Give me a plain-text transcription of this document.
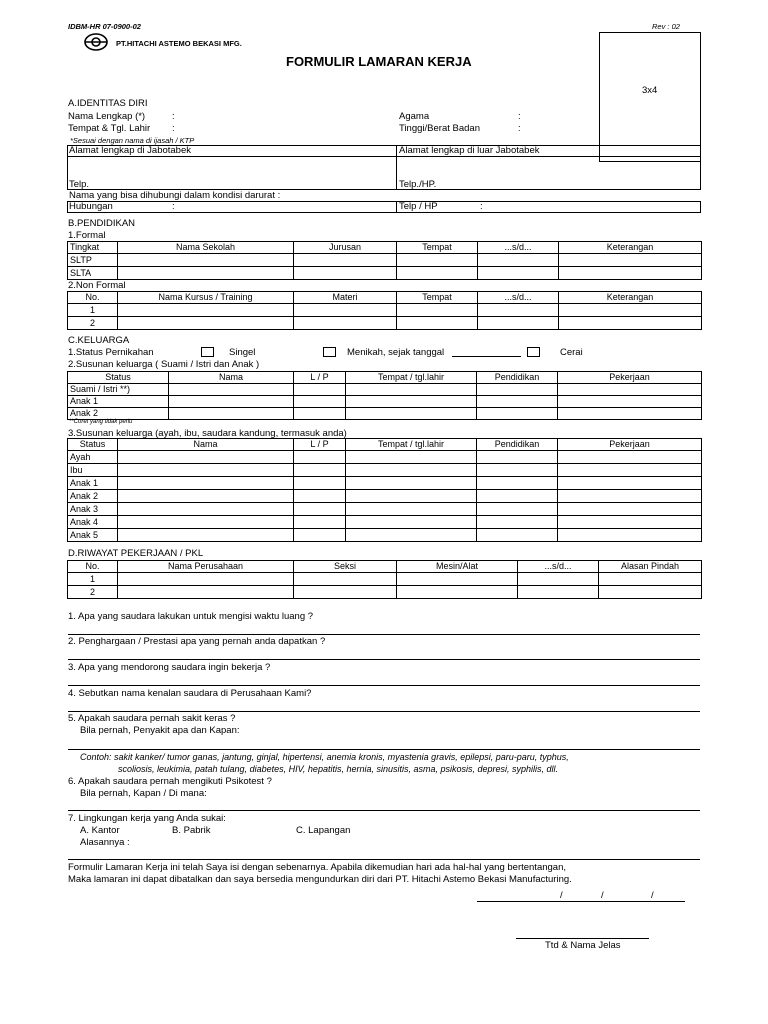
IDBM-HR 07-0900-02	Rev : 02
PT.HITACHI ASTEMO BEKASI MFG.
FORMULIR LAMARAN KERJA
3x4
A.IDENTITAS DIRI
Nama Lengkap (*)	:
Tempat & Tgl. Lahir :
Agama	:
Tinggi/Berat Badan	:
*Sesuai dengan nama di ijasah / KTP
Alamat lengkap di Jabotabek	Alamat lengkap di luar Jabotabek
Telp.	Telp./HP.
Nama yang bisa dihubungi dalam kondisi darurat :
Hubungan	:	Telp / HP	:
B.PENDIDIKAN
1.Formal
Tingkat	Nama Sekolah	Jurusan	Tempat	...s/d...	Keterangan
SLTP					
SLTA					
2.Non Formal
No.	Nama Kursus / Training	Materi	Tempat	...s/d...	Keterangan
1					
2					
C.KELUARGA
1.Status Pernikahan	Singel	Menikah, sejak tanggal	Cerai
2.Susunan keluarga ( Suami / Istri dan Anak )
Status	Nama	L / P	Tempat / tgl.lahir	Pendidikan	Pekerjaan
Suami / Istri **)					
Anak 1					
Anak 2					
**Coret yang tidak perlu
3.Susunan keluarga (ayah, ibu, saudara kandung, termasuk anda)
Status	Nama	L / P	Tempat / tgl.lahir	Pendidikan	Pekerjaan
Ayah					
Ibu					
Anak 1					
Anak 2					
Anak 3					
Anak 4					
Anak 5					
D.RIWAYAT PEKERJAAN / PKL
No.	Nama Perusahaan	Seksi	Mesin/Alat	...s/d...	Alasan Pindah
1					
2					
1. Apa yang saudara lakukan untuk mengisi waktu luang ?
2. Penghargaan / Prestasi apa yang pernah anda dapatkan ?
3. Apa yang mendorong saudara ingin bekerja ?
4. Sebutkan nama kenalan saudara di Perusahaan Kami?
5. Apakah saudara pernah sakit keras ?
Bila pernah, Penyakit apa dan Kapan:
Contoh: sakit kanker/ tumor ganas, jantung, ginjal, hipertensi, anemia kronis, myastenia gravis, epilepsi, paru-paru, typhus,
scoliosis, leukimia, patah tulang, diabetes, HIV, hepatitis, hernia, sinusitis, asma, psikosis, depresi, syphilis, dll.
6. Apakah saudara pernah mengikuti Psikotest ?
Bila pernah, Kapan / Di mana:
7. Lingkungan kerja yang Anda sukai:
A. Kantor	B. Pabrik	C. Lapangan
Alasannya :
Formulir Lamaran Kerja ini telah Saya isi dengan sebenarnya. Apabila dikemudian hari ada hal-hal yang bertentangan,
Maka lamaran ini dapat dibatalkan dan saya bersedia mengundurkan diri dari PT. Hitachi Astemo Bekasi Manufacturing.
/	/	/
Ttd & Nama Jelas
